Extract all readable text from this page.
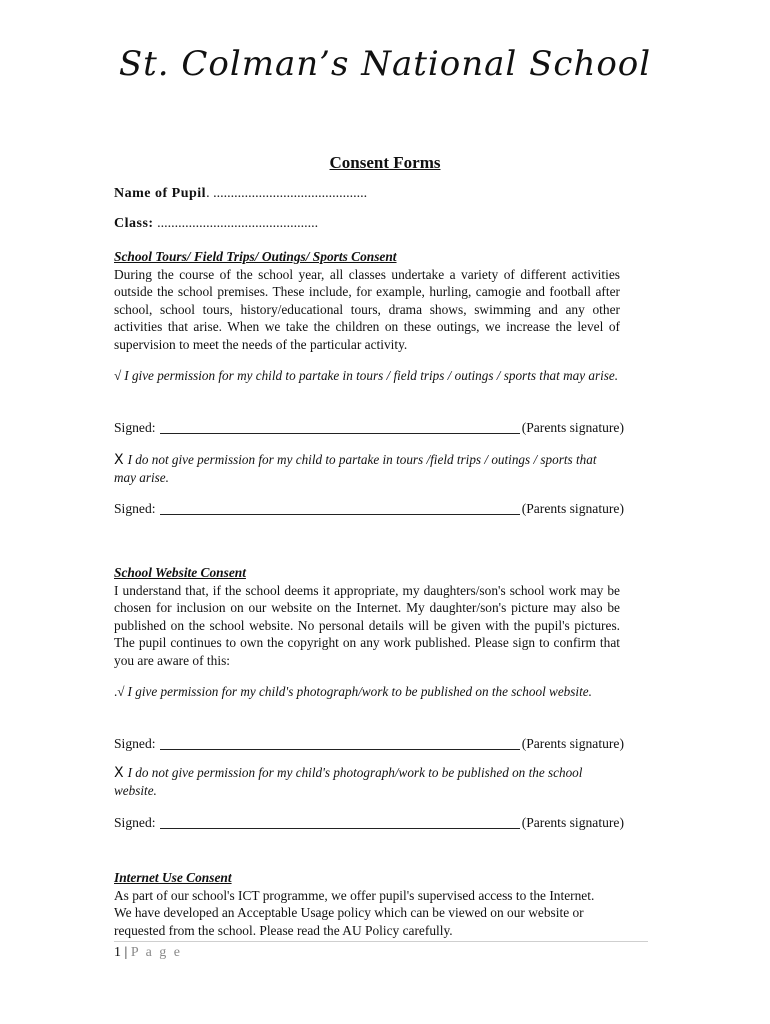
St. Colman’s National School
Consent Forms
Name of Pupil. ............................................
Class: ..............................................
School Tours/ Field Trips/ Outings/ Sports Consent
During the course of the school year, all classes undertake a variety of different activities outside the school premises. These include, for example, hurling, camogie and football after school, school tours, history/educational tours, drama shows, swimming and any other activities that arise. When we take the children on these outings, we increase the level of supervision to meet the needs of the particular activity.
√ I give permission for my child to partake in tours / field trips / outings / sports that may arise.
Signed:	(Parents signature)
X I do not give permission for my child to partake in tours /field trips / outings / sports that may arise.
Signed:	(Parents signature)
School Website Consent
I understand that, if the school deems it appropriate, my daughters/son's school work may be chosen for inclusion on our website on the Internet. My daughter/son's picture may also be published on the school website. No personal details will be given with the pupil's pictures. The pupil continues to own the copyright on any work published. Please sign to confirm that you are aware of this:
.√ I give permission for my child's photograph/work to be published on the school website.
Signed:	(Parents signature)
X I do not give permission for my child's photograph/work to be published on the school website.
Signed:	(Parents signature)
Internet Use Consent
As part of our school's ICT programme, we offer pupil's supervised access to the Internet. We have developed an Acceptable Usage policy which can be viewed on our website or requested from the school. Please read the AU Policy carefully.
1 | P a g e
